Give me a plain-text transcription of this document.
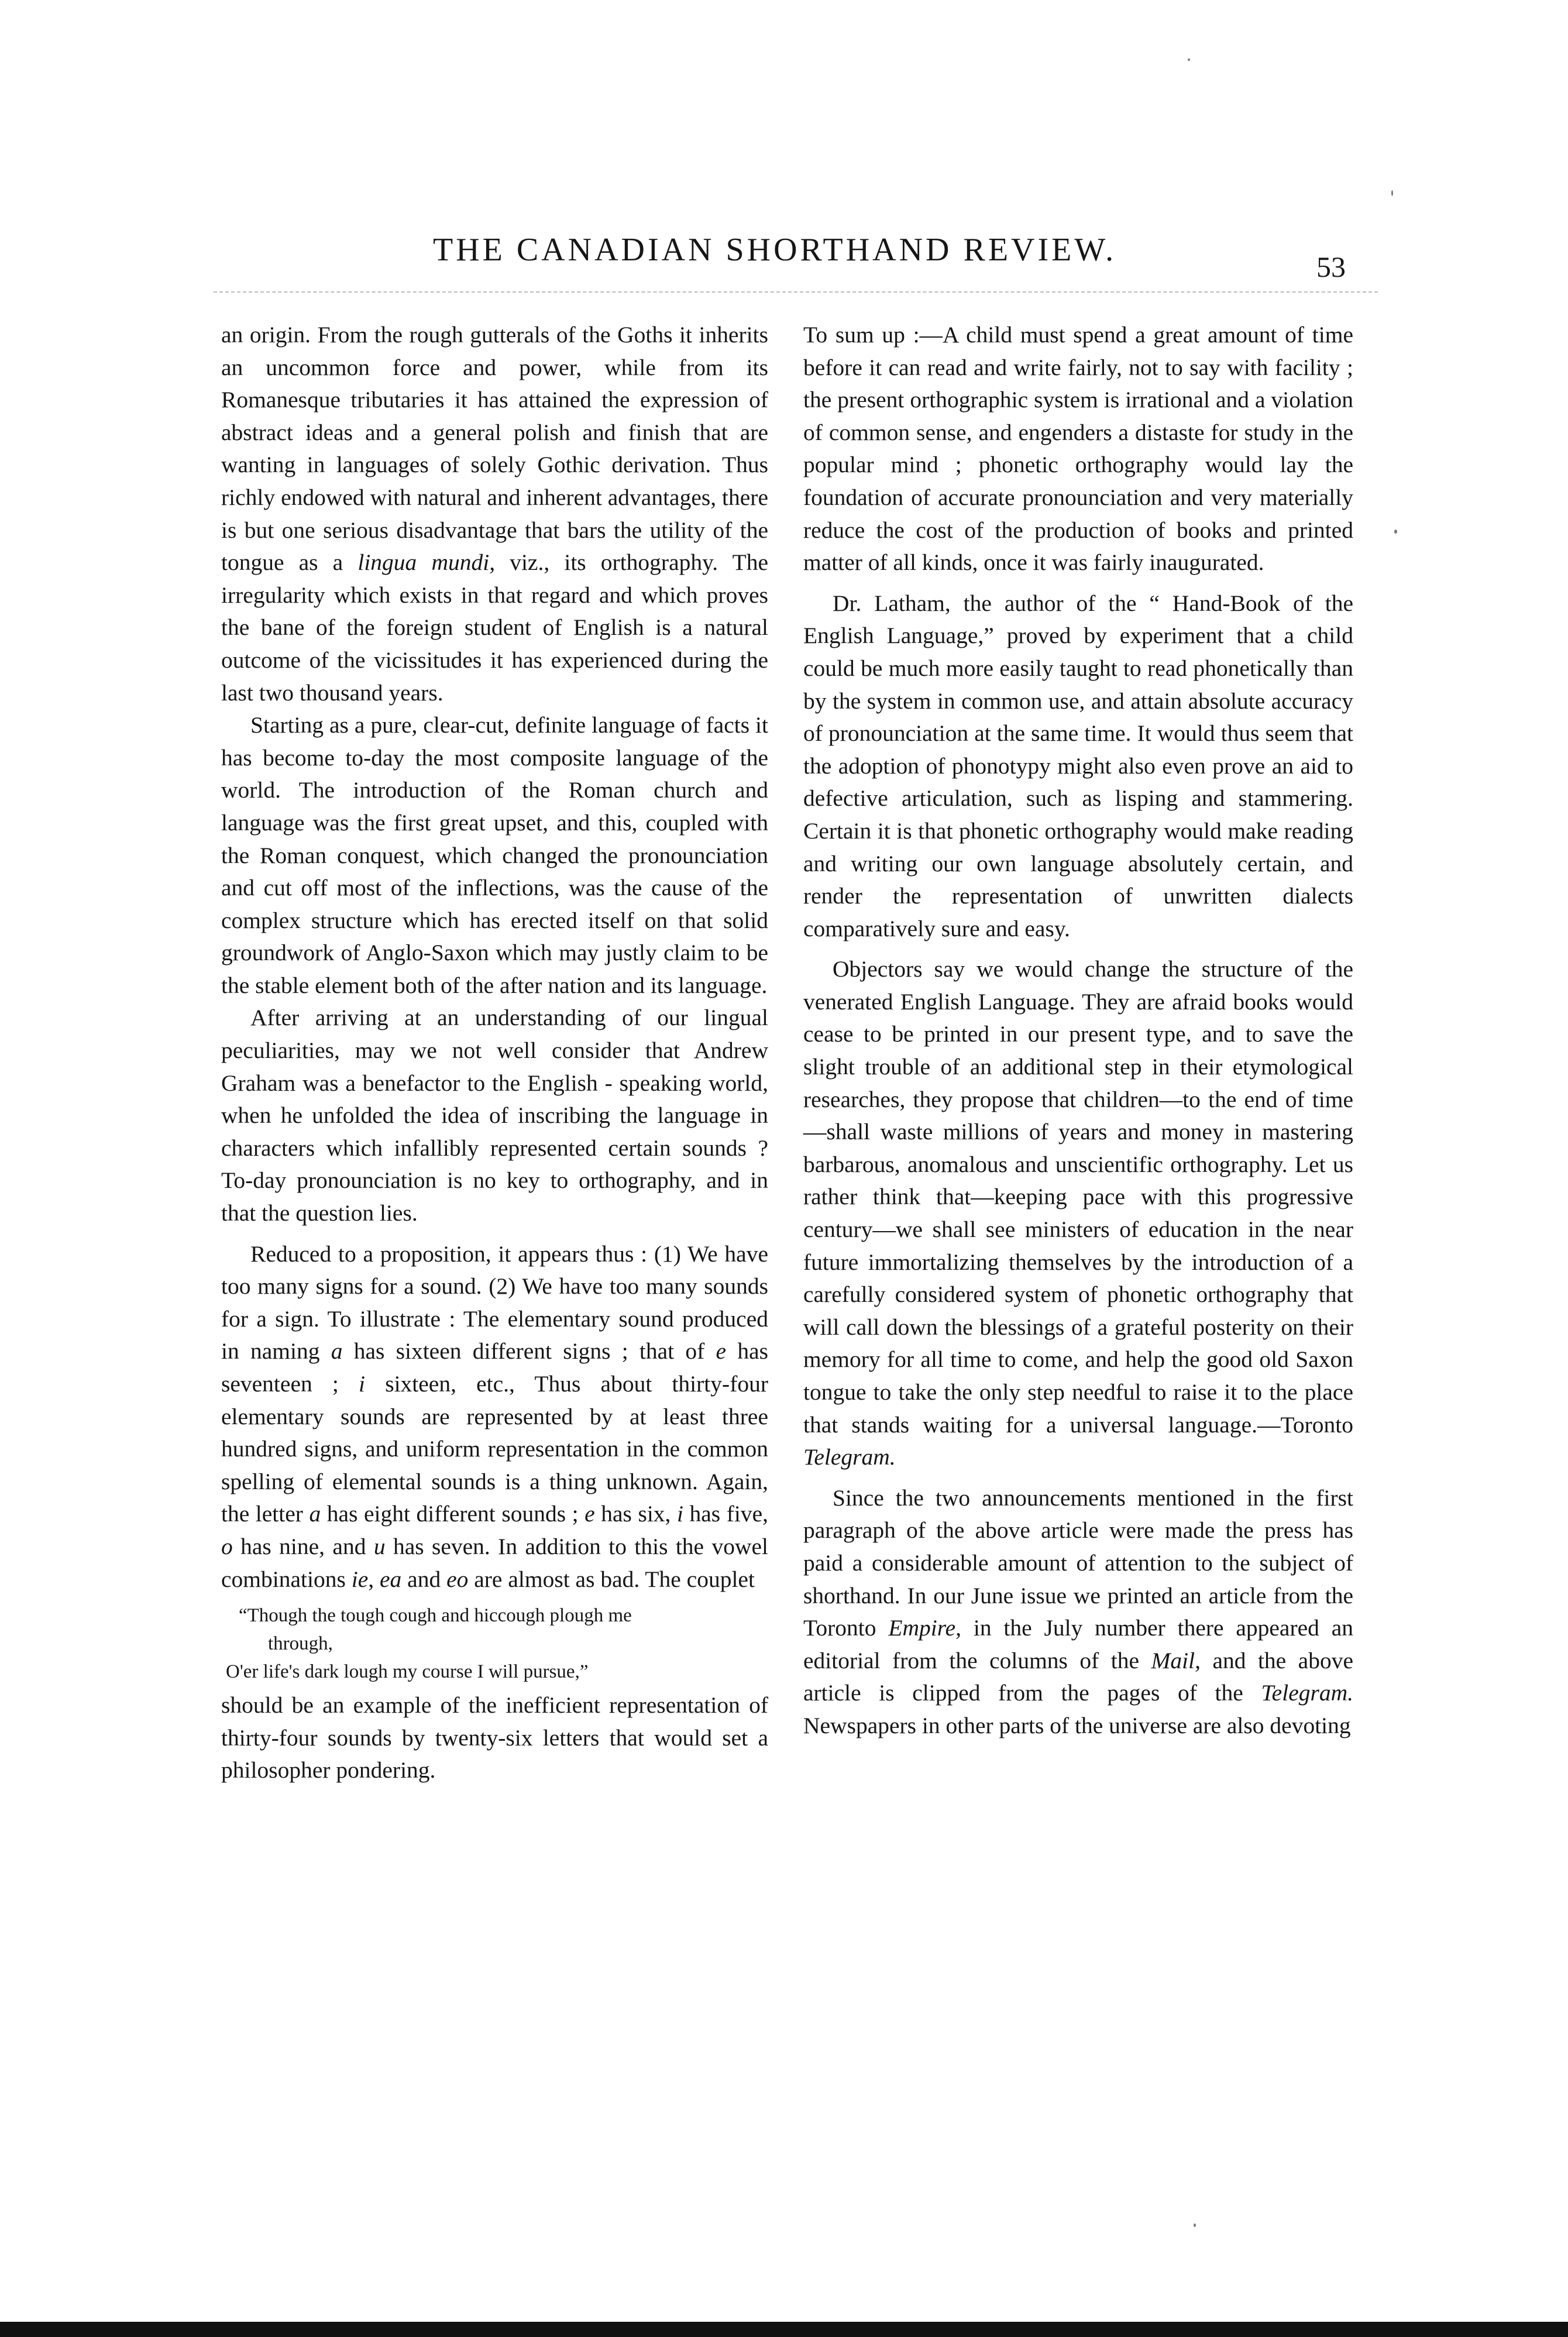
THE CANADIAN SHORTHAND REVIEW.	53

an origin. From the rough gutterals of the Goths it inherits an uncommon force and power, while from its Romanesque tributaries it has attained the expression of abstract ideas and a general polish and finish that are wanting in languages of solely Gothic derivation. Thus richly endowed with natural and inherent advantages, there is but one serious disadvantage that bars the utility of the tongue as a lingua mundi, viz., its orthography. The irregularity which exists in that regard and which proves the bane of the foreign student of English is a natural outcome of the vicissitudes it has experienced during the last two thousand years.

Starting as a pure, clear-cut, definite language of facts it has become to-day the most composite language of the world. The introduction of the Roman church and language was the first great upset, and this, coupled with the Roman conquest, which changed the pronounciation and cut off most of the inflections, was the cause of the complex structure which has erected itself on that solid groundwork of Anglo-Saxon which may justly claim to be the stable element both of the after nation and its language.

After arriving at an understanding of our lingual peculiarities, may we not well consider that Andrew Graham was a benefactor to the English - speaking world, when he unfolded the idea of inscribing the language in characters which infallibly represented certain sounds ? To-day pronounciation is no key to orthography, and in that the question lies.

Reduced to a proposition, it appears thus : (1) We have too many signs for a sound. (2) We have too many sounds for a sign. To illustrate : The elementary sound produced in naming a has sixteen different signs ; that of e has seventeen ; i sixteen, etc., Thus about thirty-four elementary sounds are represented by at least three hundred signs, and uniform representation in the common spelling of elemental sounds is a thing unknown. Again, the letter a has eight different sounds ; e has six, i has five, o has nine, and u has seven. In addition to this the vowel combinations ie, ea and eo are almost as bad. The couplet

“Though the tough cough and hiccough plough me
through,
O'er life's dark lough my course I will pursue,”

should be an example of the inefficient representation of thirty-four sounds by twenty-six letters that would set a philosopher pondering.

To sum up :—A child must spend a great amount of time before it can read and write fairly, not to say with facility ; the present orthographic system is irrational and a violation of common sense, and engenders a distaste for study in the popular mind ; phonetic orthography would lay the foundation of accurate pronounciation and very materially reduce the cost of the production of books and printed matter of all kinds, once it was fairly inaugurated.

Dr. Latham, the author of the “ Hand-Book of the English Language,” proved by experiment that a child could be much more easily taught to read phonetically than by the system in common use, and attain absolute accuracy of pronounciation at the same time. It would thus seem that the adoption of phonotypy might also even prove an aid to defective articulation, such as lisping and stammering. Certain it is that phonetic orthography would make reading and writing our own language absolutely certain, and render the representation of unwritten dialects comparatively sure and easy.

Objectors say we would change the structure of the venerated English Language. They are afraid books would cease to be printed in our present type, and to save the slight trouble of an additional step in their etymological researches, they propose that children—to the end of time—shall waste millions of years and money in mastering barbarous, anomalous and unscientific orthography. Let us rather think that—keeping pace with this progressive century—we shall see ministers of education in the near future immortalizing themselves by the introduction of a carefully considered system of phonetic orthography that will call down the blessings of a grateful posterity on their memory for all time to come, and help the good old Saxon tongue to take the only step needful to raise it to the place that stands waiting for a universal language.—Toronto Telegram.

Since the two announcements mentioned in the first paragraph of the above article were made the press has paid a considerable amount of attention to the subject of shorthand. In our June issue we printed an article from the Toronto Empire, in the July number there appeared an editorial from the columns of the Mail, and the above article is clipped from the pages of the Telegram. Newspapers in other parts of the universe are also devoting
